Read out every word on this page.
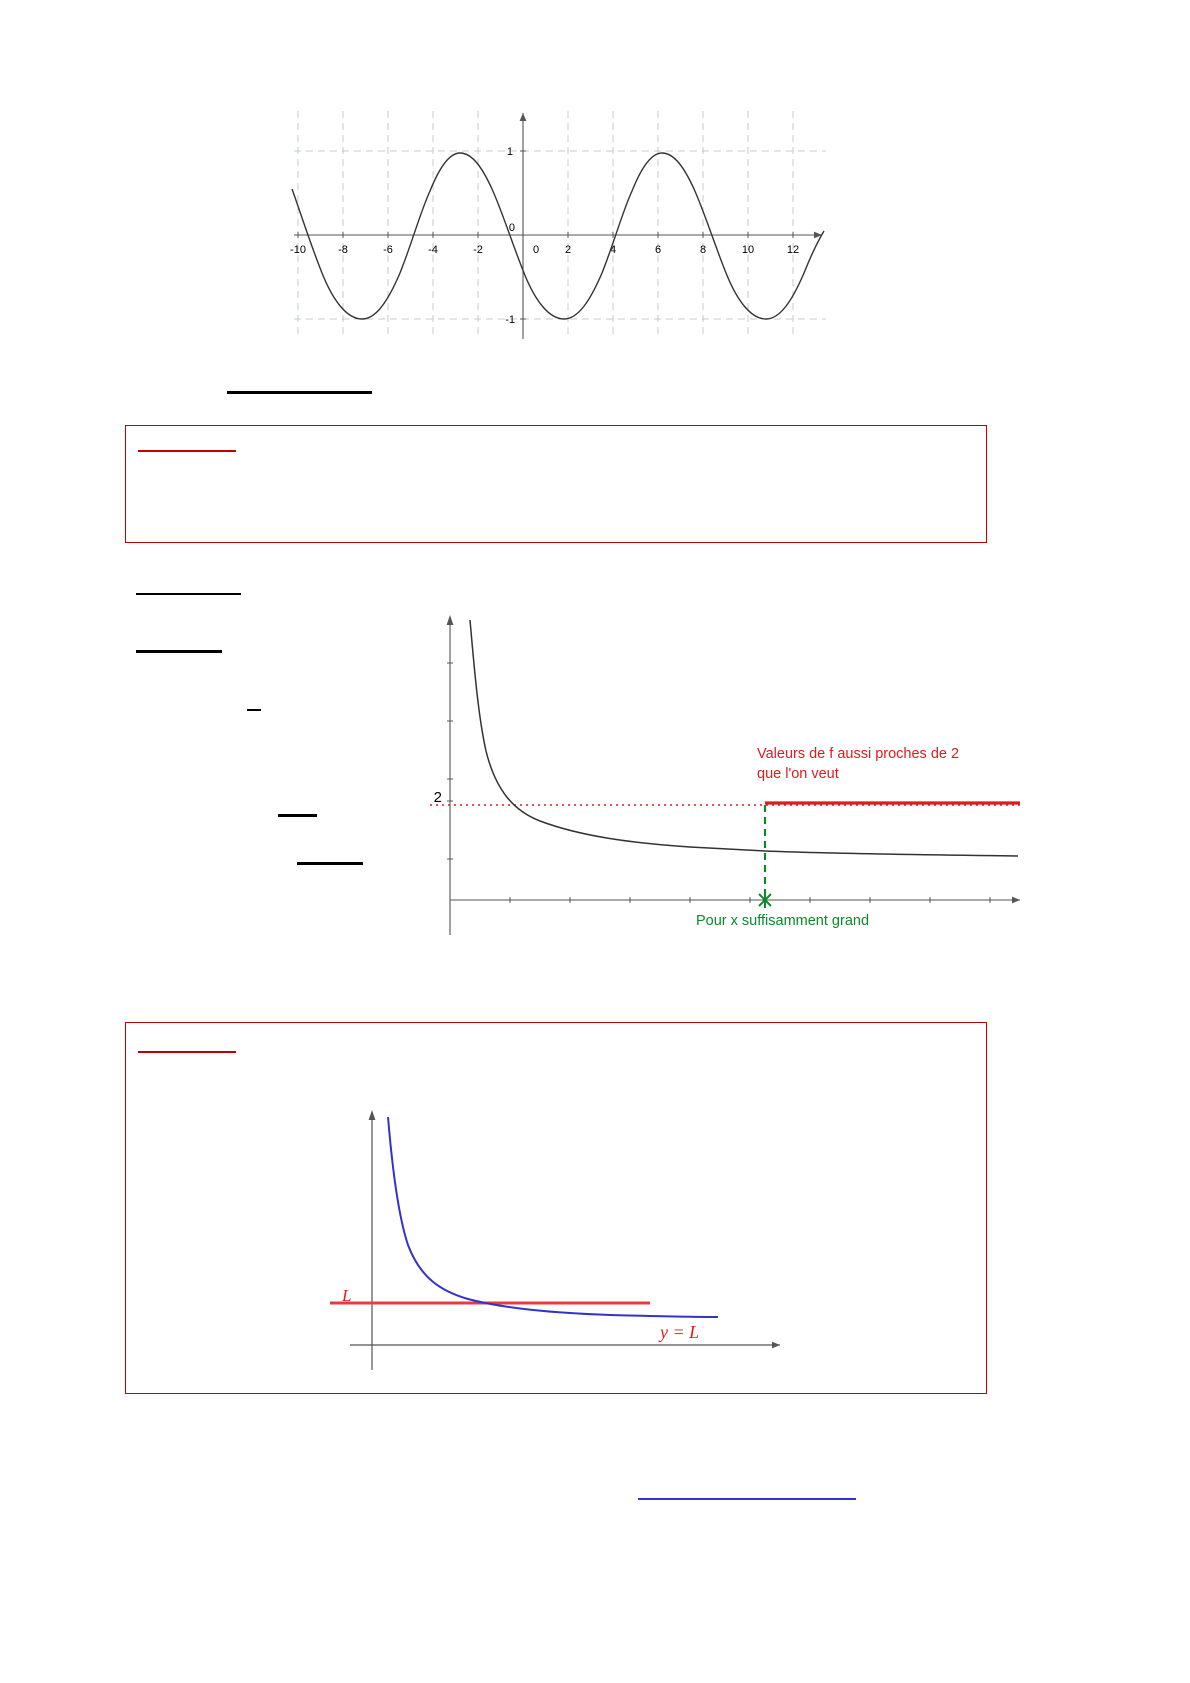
-10	-8	-6	-4	-2	0 2	4	6	8	10	12
1
0
-1
2
Valeurs de f aussi proches de 2
que l'on veut
Pour x suffisamment grand
L
y = L
